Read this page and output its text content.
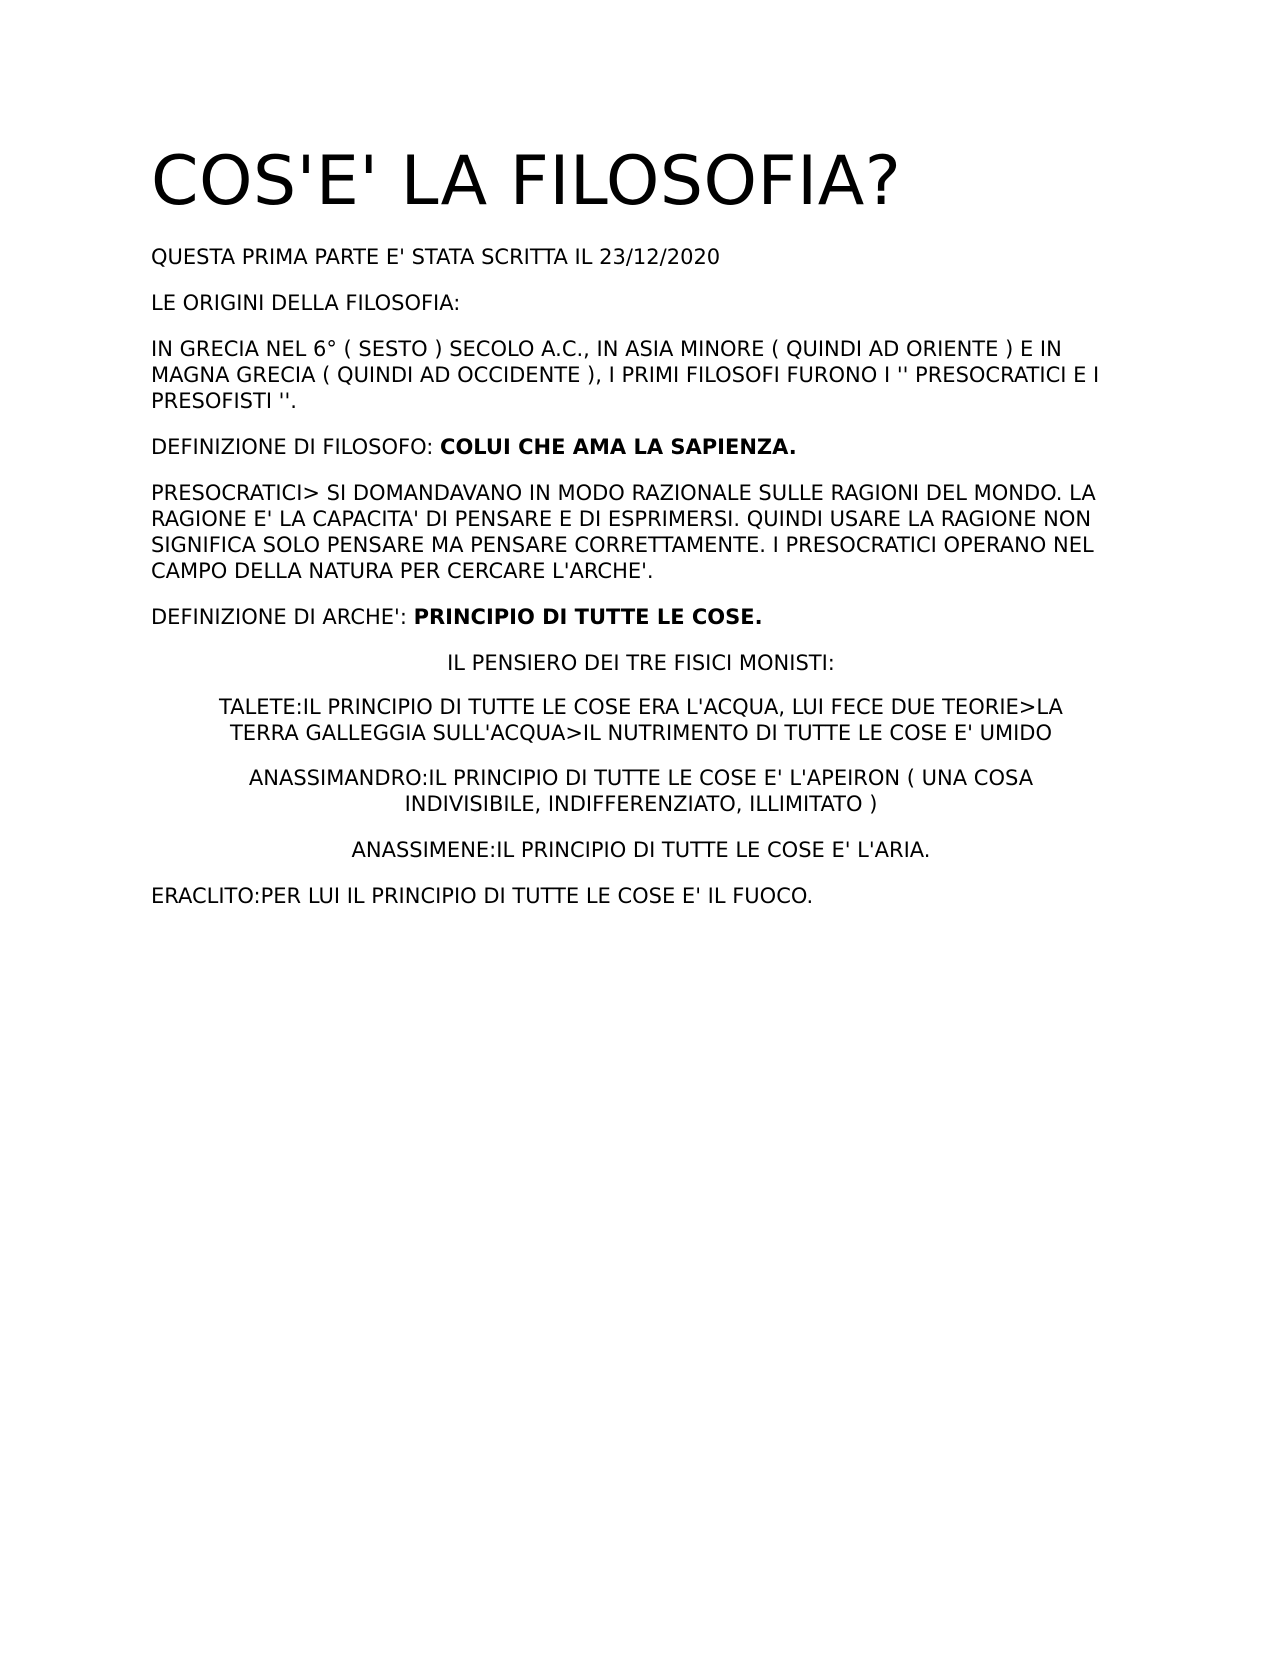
COS'E' LA FILOSOFIA?

QUESTA PRIMA PARTE E' STATA SCRITTA IL 23/12/2020

LE ORIGINI DELLA FILOSOFIA:

IN GRECIA NEL 6° ( SESTO ) SECOLO A.C., IN ASIA MINORE ( QUINDI AD ORIENTE ) E IN MAGNA GRECIA ( QUINDI AD OCCIDENTE ), I PRIMI FILOSOFI FURONO I '' PRESOCRATICI E I PRESOFISTI ''.

DEFINIZIONE DI FILOSOFO: COLUI CHE AMA LA SAPIENZA.

PRESOCRATICI> SI DOMANDAVANO IN MODO RAZIONALE SULLE RAGIONI DEL MONDO. LA RAGIONE E' LA CAPACITA' DI PENSARE E DI ESPRIMERSI. QUINDI USARE LA RAGIONE NON SIGNIFICA SOLO PENSARE MA PENSARE CORRETTAMENTE. I PRESOCRATICI OPERANO NEL CAMPO DELLA NATURA PER CERCARE L'ARCHE'.

DEFINIZIONE DI ARCHE': PRINCIPIO DI TUTTE LE COSE.

IL PENSIERO DEI TRE FISICI MONISTI:

TALETE:IL PRINCIPIO DI TUTTE LE COSE ERA L'ACQUA, LUI FECE DUE TEORIE>LA
TERRA GALLEGGIA SULL'ACQUA>IL NUTRIMENTO DI TUTTE LE COSE E' UMIDO

ANASSIMANDRO:IL PRINCIPIO DI TUTTE LE COSE E' L'APEIRON ( UNA COSA
INDIVISIBILE, INDIFFERENZIATO, ILLIMITATO )

ANASSIMENE:IL PRINCIPIO DI TUTTE LE COSE E' L'ARIA.

ERACLITO:PER LUI IL PRINCIPIO DI TUTTE LE COSE E' IL FUOCO.
